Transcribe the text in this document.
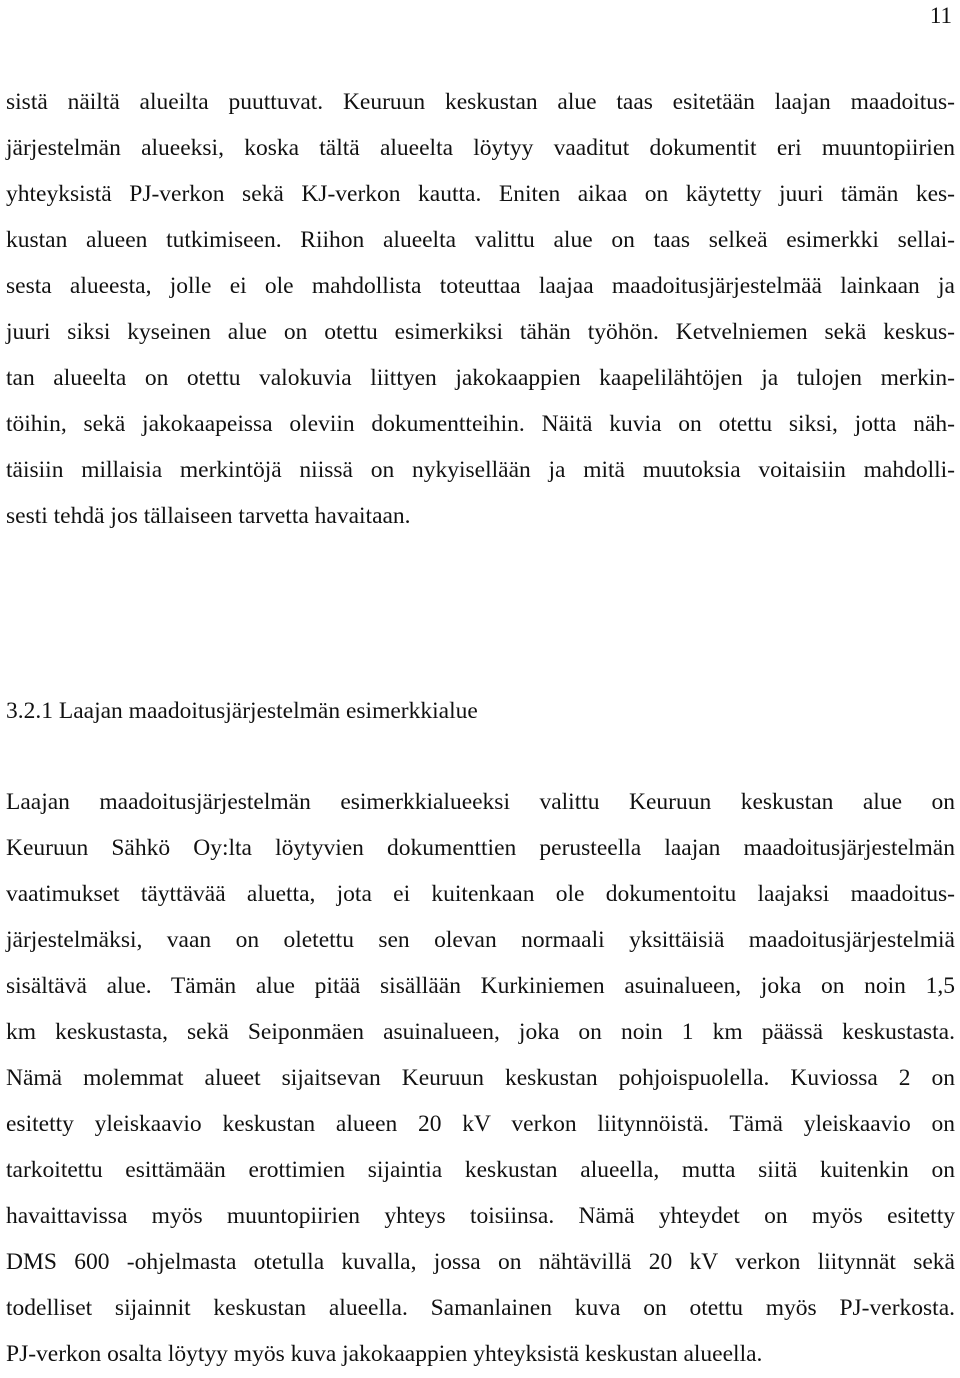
11
sistä näiltä alueilta puuttuvat. Keuruun keskustan alue taas esitetään laajan maadoitus-
järjestelmän alueeksi, koska tältä alueelta löytyy vaaditut dokumentit eri muuntopiirien
yhteyksistä PJ-verkon sekä KJ-verkon kautta. Eniten aikaa on käytetty juuri tämän kes-
kustan alueen tutkimiseen. Riihon alueelta valittu alue on taas selkeä esimerkki sellai-
sesta alueesta, jolle ei ole mahdollista toteuttaa laajaa maadoitusjärjestelmää lainkaan ja
juuri siksi kyseinen alue on otettu esimerkiksi tähän työhön. Ketvelniemen sekä keskus-
tan alueelta on otettu valokuvia liittyen jakokaappien kaapelilähtöjen ja tulojen merkin-
töihin, sekä jakokaapeissa oleviin dokumentteihin. Näitä kuvia on otettu siksi, jotta näh-
täisiin millaisia merkintöjä niissä on nykyisellään ja mitä muutoksia voitaisiin mahdolli-
sesti tehdä jos tällaiseen tarvetta havaitaan.
3.2.1 Laajan maadoitusjärjestelmän esimerkkialue
Laajan maadoitusjärjestelmän esimerkkialueeksi valittu Keuruun keskustan alue on
Keuruun Sähkö Oy:lta löytyvien dokumenttien perusteella laajan maadoitusjärjestelmän
vaatimukset täyttävää aluetta, jota ei kuitenkaan ole dokumentoitu laajaksi maadoitus-
järjestelmäksi, vaan on oletettu sen olevan normaali yksittäisiä maadoitusjärjestelmiä
sisältävä alue. Tämän alue pitää sisällään Kurkiniemen asuinalueen, joka on noin 1,5
km keskustasta, sekä Seiponmäen asuinalueen, joka on noin 1 km päässä keskustasta.
Nämä molemmat alueet sijaitsevan Keuruun keskustan pohjoispuolella. Kuviossa 2 on
esitetty yleiskaavio keskustan alueen 20 kV verkon liitynnöistä. Tämä yleiskaavio on
tarkoitettu esittämään erottimien sijaintia keskustan alueella, mutta siitä kuitenkin on
havaittavissa myös muuntopiirien yhteys toisiinsa. Nämä yhteydet on myös esitetty
DMS 600 -ohjelmasta otetulla kuvalla, jossa on nähtävillä 20 kV verkon liitynnät sekä
todelliset sijainnit keskustan alueella. Samanlainen kuva on otettu myös PJ-verkosta.
PJ-verkon osalta löytyy myös kuva jakokaappien yhteyksistä keskustan alueella.
